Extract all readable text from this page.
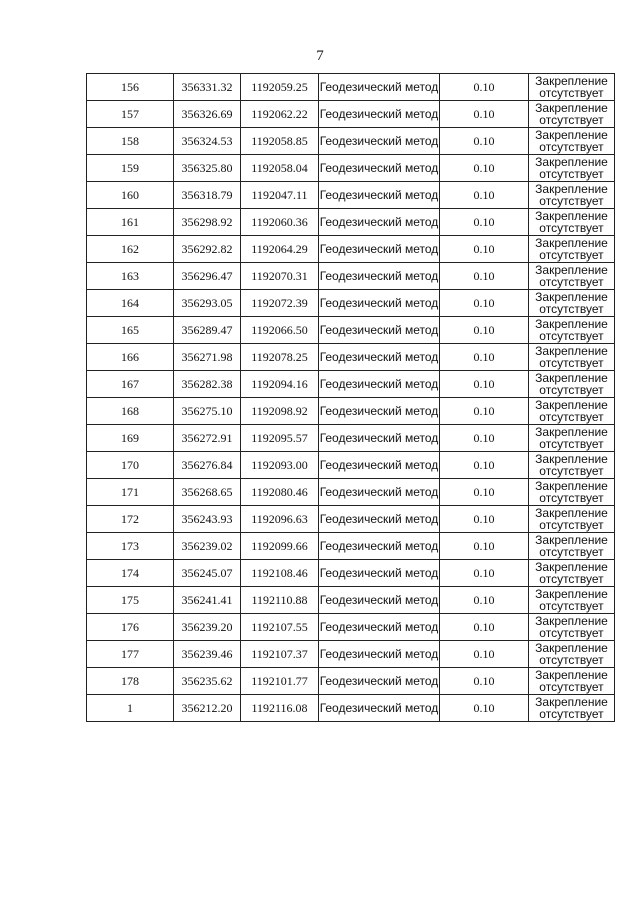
7
156	356331.32	1192059.25	Геодезический метод	0.10	Закрепление
отсутствует

157	356326.69	1192062.22	Геодезический метод	0.10	Закрепление
отсутствует

158	356324.53	1192058.85	Геодезический метод	0.10	Закрепление
отсутствует

159	356325.80	1192058.04	Геодезический метод	0.10	Закрепление
отсутствует

160	356318.79	1192047.11	Геодезический метод	0.10	Закрепление
отсутствует

161	356298.92	1192060.36	Геодезический метод	0.10	Закрепление
отсутствует

162	356292.82	1192064.29	Геодезический метод	0.10	Закрепление
отсутствует

163	356296.47	1192070.31	Геодезический метод	0.10	Закрепление
отсутствует

164	356293.05	1192072.39	Геодезический метод	0.10	Закрепление
отсутствует

165	356289.47	1192066.50	Геодезический метод	0.10	Закрепление
отсутствует

166	356271.98	1192078.25	Геодезический метод	0.10	Закрепление
отсутствует

167	356282.38	1192094.16	Геодезический метод	0.10	Закрепление
отсутствует

168	356275.10	1192098.92	Геодезический метод	0.10	Закрепление
отсутствует

169	356272.91	1192095.57	Геодезический метод	0.10	Закрепление
отсутствует

170	356276.84	1192093.00	Геодезический метод	0.10	Закрепление
отсутствует

171	356268.65	1192080.46	Геодезический метод	0.10	Закрепление
отсутствует

172	356243.93	1192096.63	Геодезический метод	0.10	Закрепление
отсутствует

173	356239.02	1192099.66	Геодезический метод	0.10	Закрепление
отсутствует

174	356245.07	1192108.46	Геодезический метод	0.10	Закрепление
отсутствует

175	356241.41	1192110.88	Геодезический метод	0.10	Закрепление
отсутствует

176	356239.20	1192107.55	Геодезический метод	0.10	Закрепление
отсутствует

177	356239.46	1192107.37	Геодезический метод	0.10	Закрепление
отсутствует

178	356235.62	1192101.77	Геодезический метод	0.10	Закрепление
отсутствует

1	356212.20	1192116.08	Геодезический метод	0.10	Закрепление
отсутствует
